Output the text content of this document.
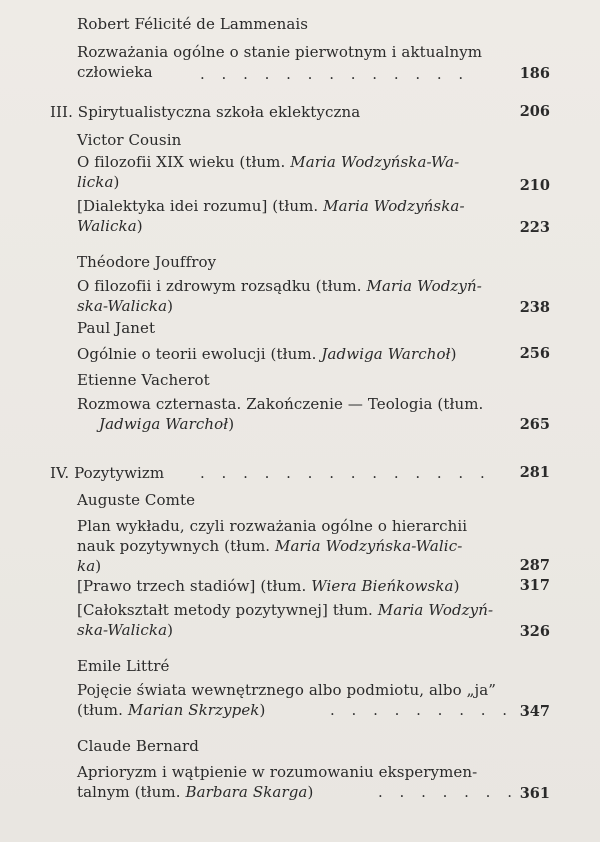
Robert Félicité de Lammenais
Rozważania ogólne o stanie pierwotnym i aktualnym
człowieka	. . . . . . . . . . . . .	186
III. Spirytualistyczna szkoła eklektyczna	206
Victor Cousin
O filozofii XIX wieku (tłum. Maria Wodzyńska-Wa-
licka)	210
[Dialektyka idei rozumu] (tłum. Maria Wodzyńska-
Walicka)	223
Théodore Jouffroy
O filozofii i zdrowym rozsądku (tłum. Maria Wodzyń-
ska-Walicka)	238
Paul Janet
Ogólnie o teorii ewolucji (tłum. Jadwiga Warchoł)	256
Etienne Vacherot
Rozmowa czternasta. Zakończenie — Teologia (tłum.
Jadwiga Warchoł)	265
IV. Pozytywizm . . . . . . . . . . . . . .	281
Auguste Comte
Plan wykładu, czyli rozważania ogólne o hierarchii
nauk pozytywnych (tłum. Maria Wodzyńska-Walic-
ka)	287
[Prawo trzech stadiów] (tłum. Wiera Bieńkowska)	317
[Całokształt metody pozytywnej] tłum. Maria Wodzyń-
ska-Walicka)	326
Emile Littré
Pojęcie świata wewnętrznego albo podmiotu, albo „ja”
(tłum. Marian Skrzypek)	. . . . . . . . . 347
Claude Bernard
Aprioryzm i wątpienie w rozumowaniu eksperymen-
talnym (tłum. Barbara Skarga)	. . . . . . . 361
